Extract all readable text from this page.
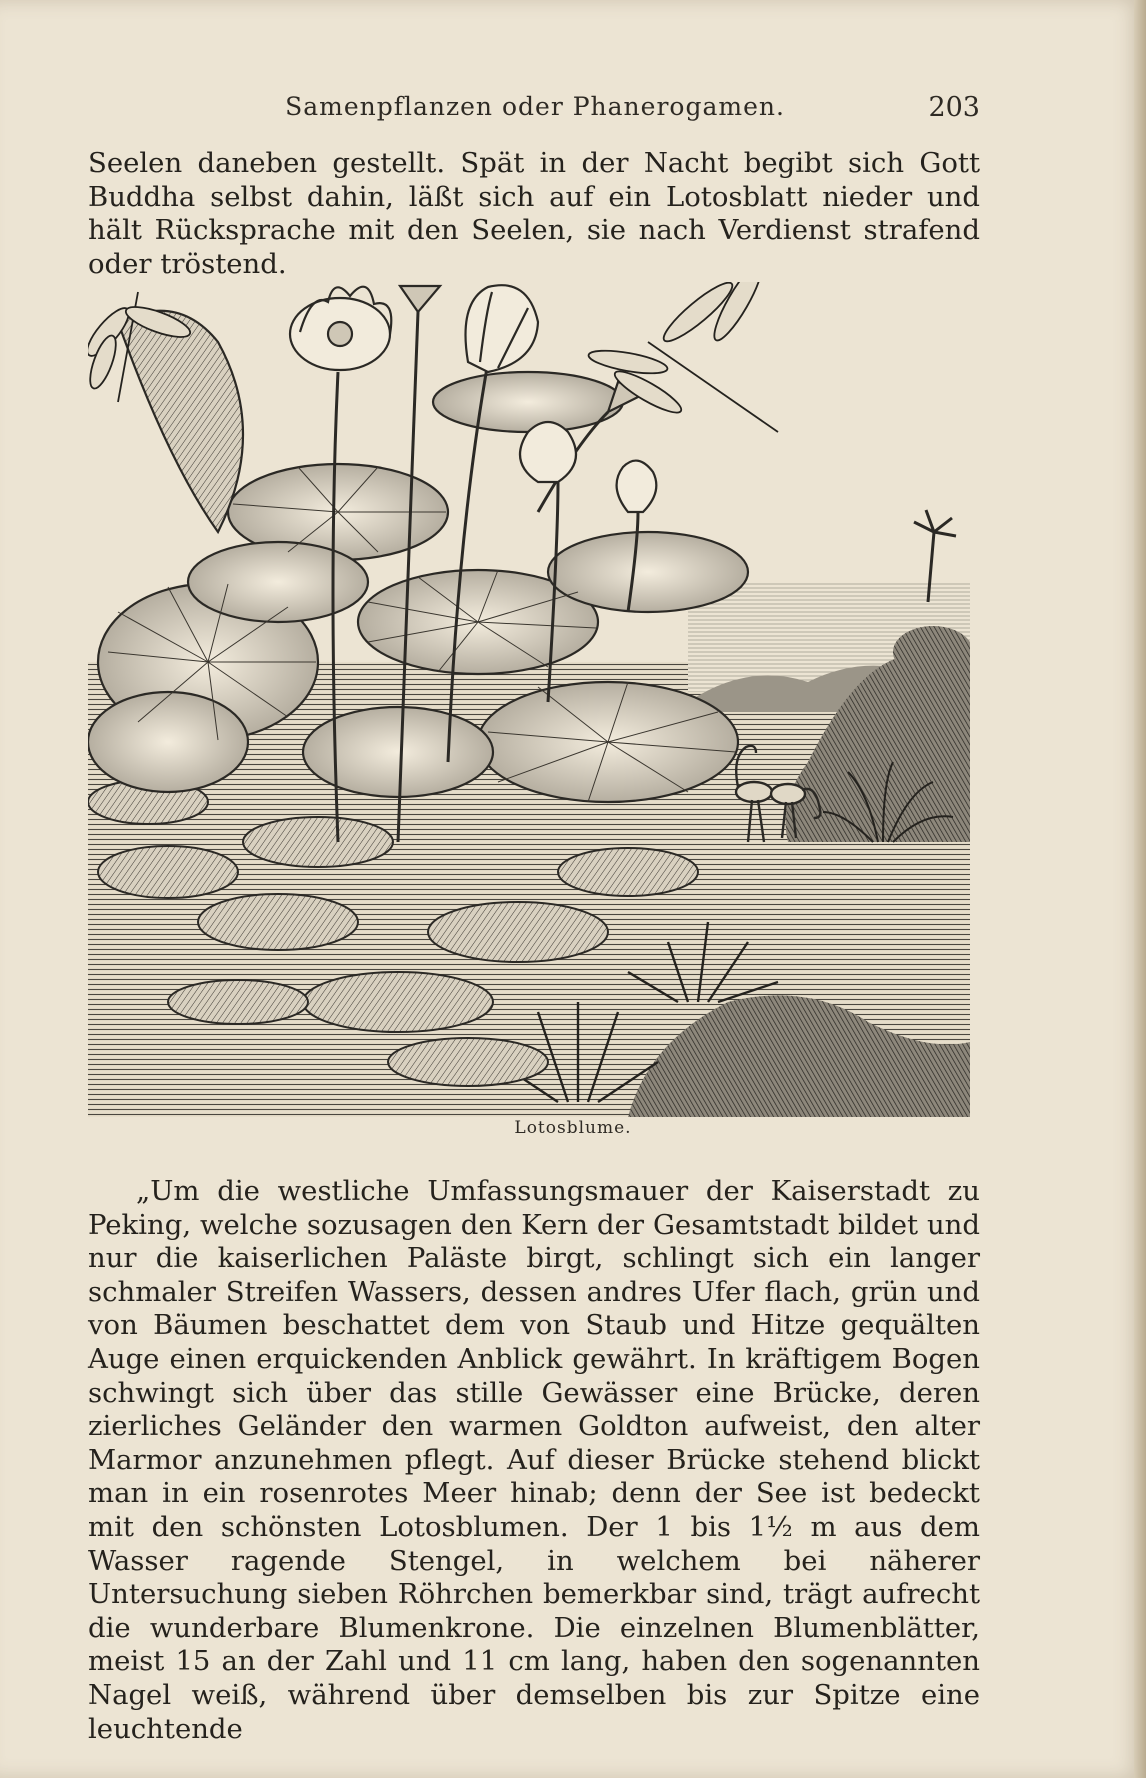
Samenpflanzen oder Phanerogamen.	203

Seelen daneben gestellt. Spät in der Nacht begibt sich Gott Buddha selbst dahin, läßt sich auf ein Lotosblatt nieder und hält Rücksprache mit den Seelen, sie nach Verdienst strafend oder tröstend.

Lotosblume.

„Um die westliche Umfassungsmauer der Kaiserstadt zu Peking, welche sozusagen den Kern der Gesamtstadt bildet und nur die kaiserlichen Paläste birgt, schlingt sich ein langer schmaler Streifen Wassers, dessen andres Ufer flach, grün und von Bäumen beschattet dem von Staub und Hitze gequälten Auge einen erquickenden Anblick gewährt. In kräftigem Bogen schwingt sich über das stille Gewässer eine Brücke, deren zierliches Geländer den warmen Goldton aufweist, den alter Marmor anzunehmen pflegt. Auf dieser Brücke stehend blickt man in ein rosenrotes Meer hinab; denn der See ist bedeckt mit den schönsten Lotosblumen. Der 1 bis 1½ m aus dem Wasser ragende Stengel, in welchem bei näherer Untersuchung sieben Röhrchen bemerkbar sind, trägt aufrecht die wunderbare Blumenkrone. Die einzelnen Blumenblätter, meist 15 an der Zahl und 11 cm lang, haben den sogenannten Nagel weiß, während über demselben bis zur Spitze eine leuchtende
